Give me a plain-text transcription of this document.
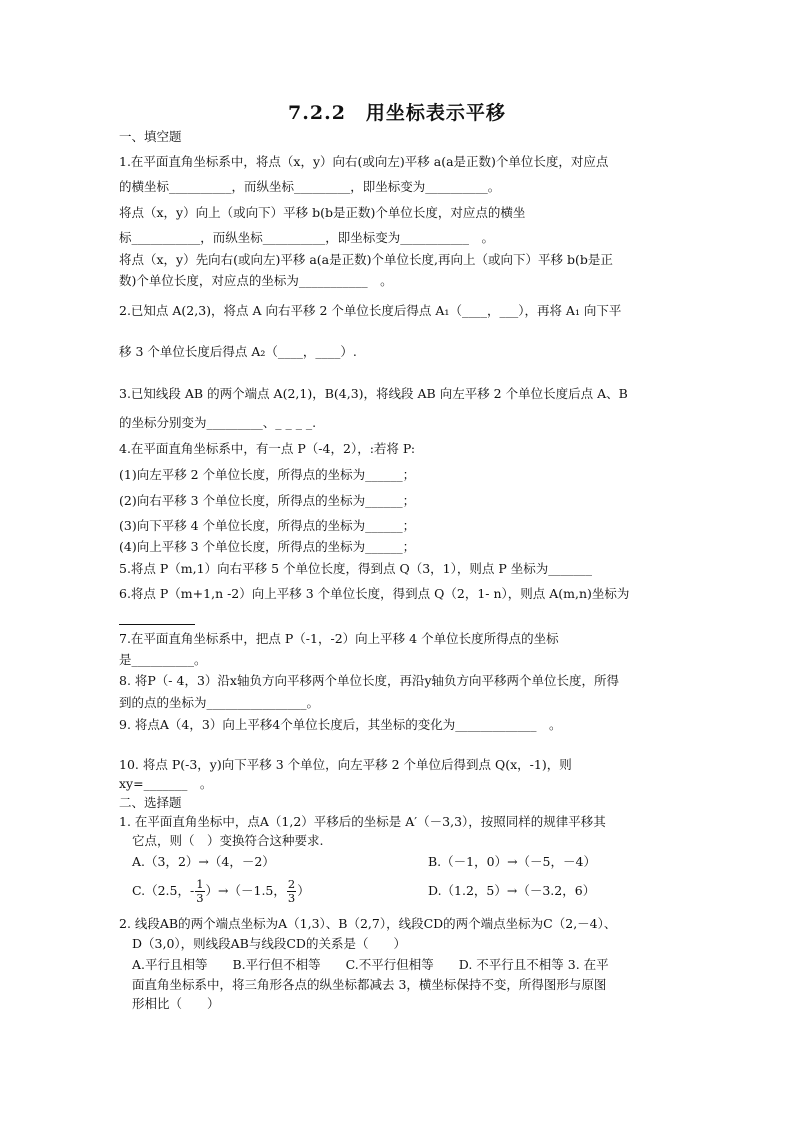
7.2.2　用坐标表示平移
一、填空题
1.在平面直角坐标系中，将点（x，y）向右(或向左)平移 a(a是正数)个单位长度，对应点
的横坐标__________，而纵坐标_________，即坐标变为__________。
将点（x，y）向上（或向下）平移 b(b是正数)个单位长度，对应点的横坐
标___________，而纵坐标__________，即坐标变为___________　。
将点（x，y）先向右(或向左)平移 a(a是正数)个单位长度,再向上（或向下）平移 b(b是正
数)个单位长度，对应点的坐标为___________　。
2.已知点 A(2,3)，将点 A 向右平移 2 个单位长度后得点 A₁（____，___），再将 A₁ 向下平
移 3 个单位长度后得点 A₂（____，____）.
3.已知线段 AB 的两个端点 A(2,1)，B(4,3)，将线段 AB 向左平移 2 个单位长度后点 A、B
的坐标分别变为_________、_ _ _ _.
4.在平面直角坐标系中，有一点 P（-4，2），:若将 P:
(1)向左平移 2 个单位长度，所得点的坐标为______；
(2)向右平移 3 个单位长度，所得点的坐标为______；
(3)向下平移 4 个单位长度，所得点的坐标为______；
(4)向上平移 3 个单位长度，所得点的坐标为______；
5.将点 P（m,1）向右平移 5 个单位长度，得到点 Q（3，1），则点 P 坐标为_______
6.将点 P（m+1,n -2）向上平移 3 个单位长度，得到点 Q（2，1- n），则点 A(m,n)坐标为
7.在平面直角坐标系中，把点 P（-1，-2）向上平移 4 个单位长度所得点的坐标
是__________。
8. 将P（- 4，3）沿x轴负方向平移两个单位长度，再沿y轴负方向平移两个单位长度，所得
到的点的坐标为________________。
9. 将点A（4，3）向上平移4个单位长度后，其坐标的变化为_____________　。
10. 将点 P(-3，y)向下平移 3 个单位，向左平移 2 个单位后得到点 Q(x，-1)，则
xy=_______　。
二、选择题
1. 在平面直角坐标中，点A（1,2）平移后的坐标是 A′（－3,3），按照同样的规律平移其
它点，则（　）变换符合这种要求.
A.（3，2）→（4，－2）	B.（－1，0）→（－5，－4）
C.（2.5，- $\frac{1}{3} )\to(-1.5$， $\frac{2}{3}$ ）	D.（1.2，5）→（－3.2，6）
2. 线段AB的两个端点坐标为A（1,3）、B（2,7），线段CD的两个端点坐标为C（2,－4）、
D（3,0），则线段AB与线段CD的关系是（　　）
A.平行且相等　　B.平行但不相等　　C.不平行但相等　　D. 不平行且不相等 3. 在平
面直角坐标系中，将三角形各点的纵坐标都减去 3，横坐标保持不变，所得图形与原图
形相比（　　）
